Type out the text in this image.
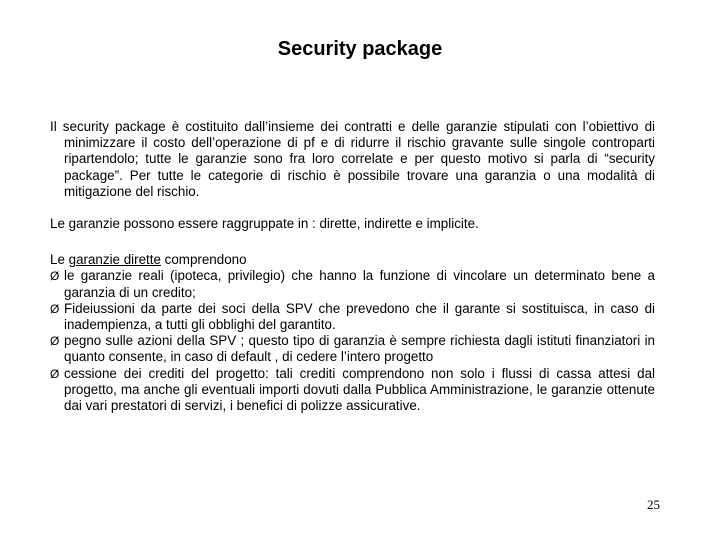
Security package

Il security package è costituito dall’insieme dei contratti e delle garanzie stipulati con l’obiettivo di minimizzare il costo dell’operazione di pf e di ridurre il rischio gravante sulle singole controparti ripartendolo; tutte le garanzie sono fra loro correlate e per questo motivo si parla di “security package”. Per tutte le categorie di rischio è possibile trovare una garanzia o una modalità di mitigazione del rischio.

Le garanzie possono essere raggruppate in : dirette, indirette e implicite.

Le garanzie dirette comprendono

Ø le garanzie reali (ipoteca, privilegio) che hanno la funzione di vincolare un determinato bene a garanzia di un credito;
Ø Fideiussioni da parte dei soci della SPV che prevedono che il garante si sostituisca, in caso di inadempienza, a tutti gli obblighi del garantito.
Ø pegno sulle azioni della SPV ; questo tipo di garanzia è sempre richiesta dagli istituti finanziatori in quanto consente, in caso di default , di cedere l’intero progetto
Ø cessione dei crediti del progetto: tali crediti comprendono non solo i flussi di cassa attesi dal progetto, ma anche gli eventuali importi dovuti dalla Pubblica Amministrazione, le garanzie ottenute dai vari prestatori di servizi, i benefici di polizze assicurative.
25
